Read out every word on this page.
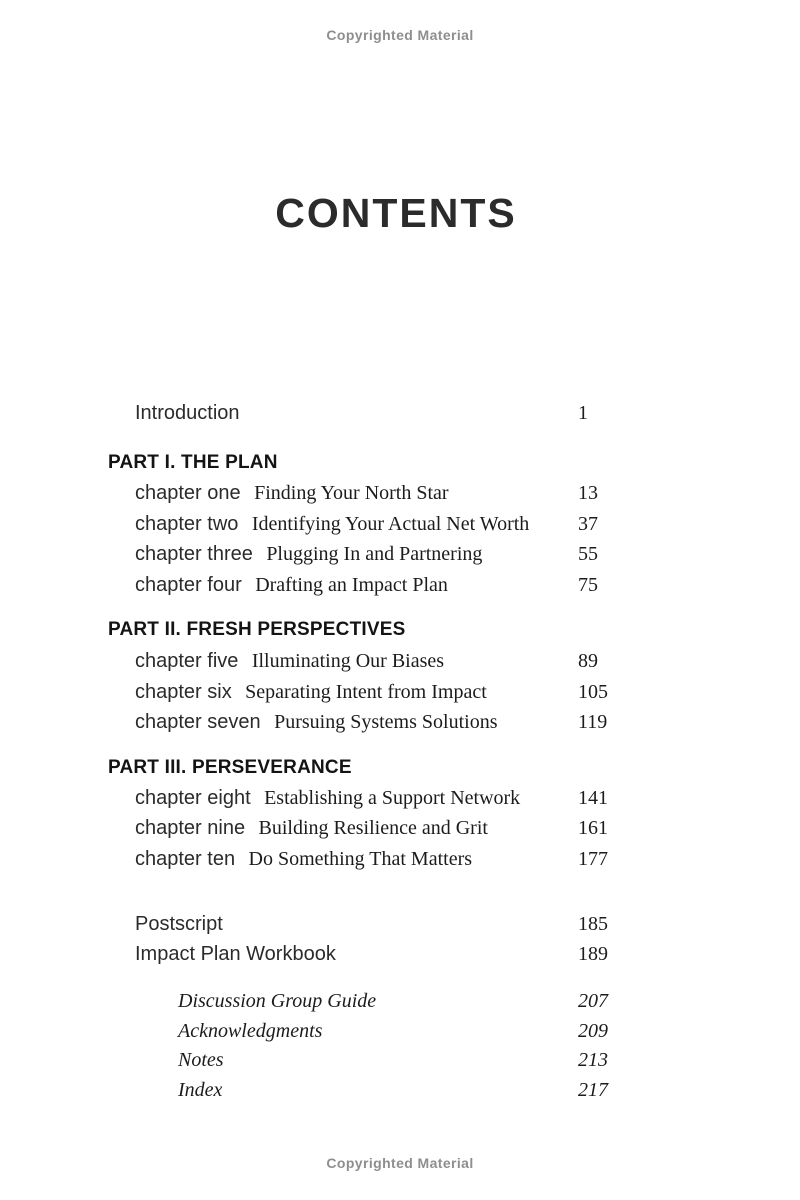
Copyrighted Material
CONTENTS
Introduction	1
PART I. THE PLAN
chapter one Finding Your North Star	13
chapter two Identifying Your Actual Net Worth 37
chapter three Plugging In and Partnering	55
chapter four Drafting an Impact Plan	75
PART II. FRESH PERSPECTIVES
chapter five Illuminating Our Biases	89
chapter six Separating Intent from Impact	105
chapter seven Pursuing Systems Solutions	119
PART III. PERSEVERANCE
chapter eight Establishing a Support Network	141
chapter nine Building Resilience and Grit	161
chapter ten Do Something That Matters	177
Postscript	185
Impact Plan Workbook	189
Discussion Group Guide	207
Acknowledgments	209
Notes	213
Index	217
Copyrighted Material
